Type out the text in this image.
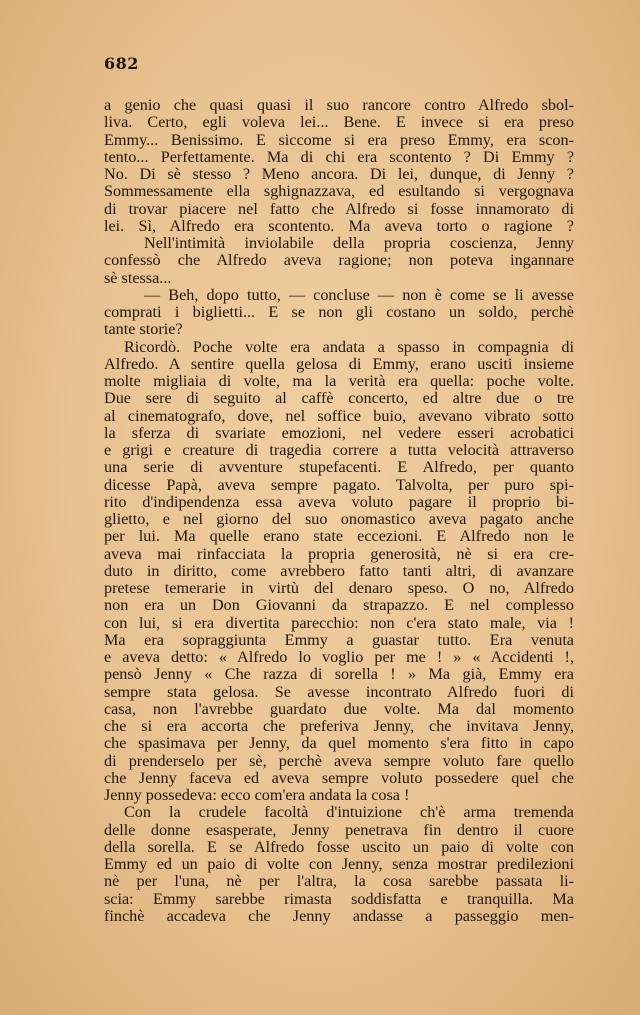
682
a genio che quasi quasi il suo rancore contro Alfredo sbol-
liva. Certo, egli voleva lei... Bene. E invece si era preso
Emmy... Benissimo. E siccome si era preso Emmy, era scon-
tento... Perfettamente. Ma di chi era scontento ? Di Emmy ?
No. Di sè stesso ? Meno ancora. Di lei, dunque, di Jenny ?
Sommessamente ella sghignazzava, ed esultando si vergognava
di trovar piacere nel fatto che Alfredo si fosse innamorato di
lei. Sì, Alfredo era scontento. Ma aveva torto o ragione ?
Nell'intimità inviolabile della propria coscienza, Jenny
confessò che Alfredo aveva ragione; non poteva ingannare
sè stessa...
— Beh, dopo tutto, — concluse — non è come se li avesse
comprati i biglietti... E se non gli costano un soldo, perchè
tante storie?
Ricordò. Poche volte era andata a spasso in compagnia di
Alfredo. A sentire quella gelosa di Emmy, erano usciti insieme
molte migliaia di volte, ma la verità era quella: poche volte.
Due sere di seguito al caffè concerto, ed altre due o tre
al cinematografo, dove, nel soffice buio, avevano vibrato sotto
la sferza di svariate emozioni, nel vedere esseri acrobatici
e grigi e creature di tragedia correre a tutta velocità attraverso
una serie di avventure stupefacenti. E Alfredo, per quanto
dicesse Papà, aveva sempre pagato. Talvolta, per puro spi-
rito d'indipendenza essa aveva voluto pagare il proprio bi-
glietto, e nel giorno del suo onomastico aveva pagato anche
per lui. Ma quelle erano state eccezioni. E Alfredo non le
aveva mai rinfacciata la propria generosità, nè si era cre-
duto in diritto, come avrebbero fatto tanti altri, di avanzare
pretese temerarie in virtù del denaro speso. O no, Alfredo
non era un Don Giovanni da strapazzo. E nel complesso
con lui, si era divertita parecchio: non c'era stato male, via !
Ma era sopraggiunta Emmy a guastar tutto. Era venuta
e aveva detto: « Alfredo lo voglio per me ! » « Accidenti !,
pensò Jenny « Che razza di sorella ! » Ma già, Emmy era
sempre stata gelosa. Se avesse incontrato Alfredo fuori di
casa, non l'avrebbe guardato due volte. Ma dal momento
che si era accorta che preferiva Jenny, che invitava Jenny,
che spasimava per Jenny, da quel momento s'era fitto in capo
di prenderselo per sè, perchè aveva sempre voluto fare quello
che Jenny faceva ed aveva sempre voluto possedere quel che
Jenny possedeva: ecco com'era andata la cosa !
Con la crudele facoltà d'intuizione ch'è arma tremenda
delle donne esasperate, Jenny penetrava fin dentro il cuore
della sorella. E se Alfredo fosse uscito un paio di volte con
Emmy ed un paio di volte con Jenny, senza mostrar predilezioni
nè per l'una, nè per l'altra, la cosa sarebbe passata li-
scia: Emmy sarebbe rimasta soddisfatta e tranquilla. Ma
finchè accadeva che Jenny andasse a passeggio men-
